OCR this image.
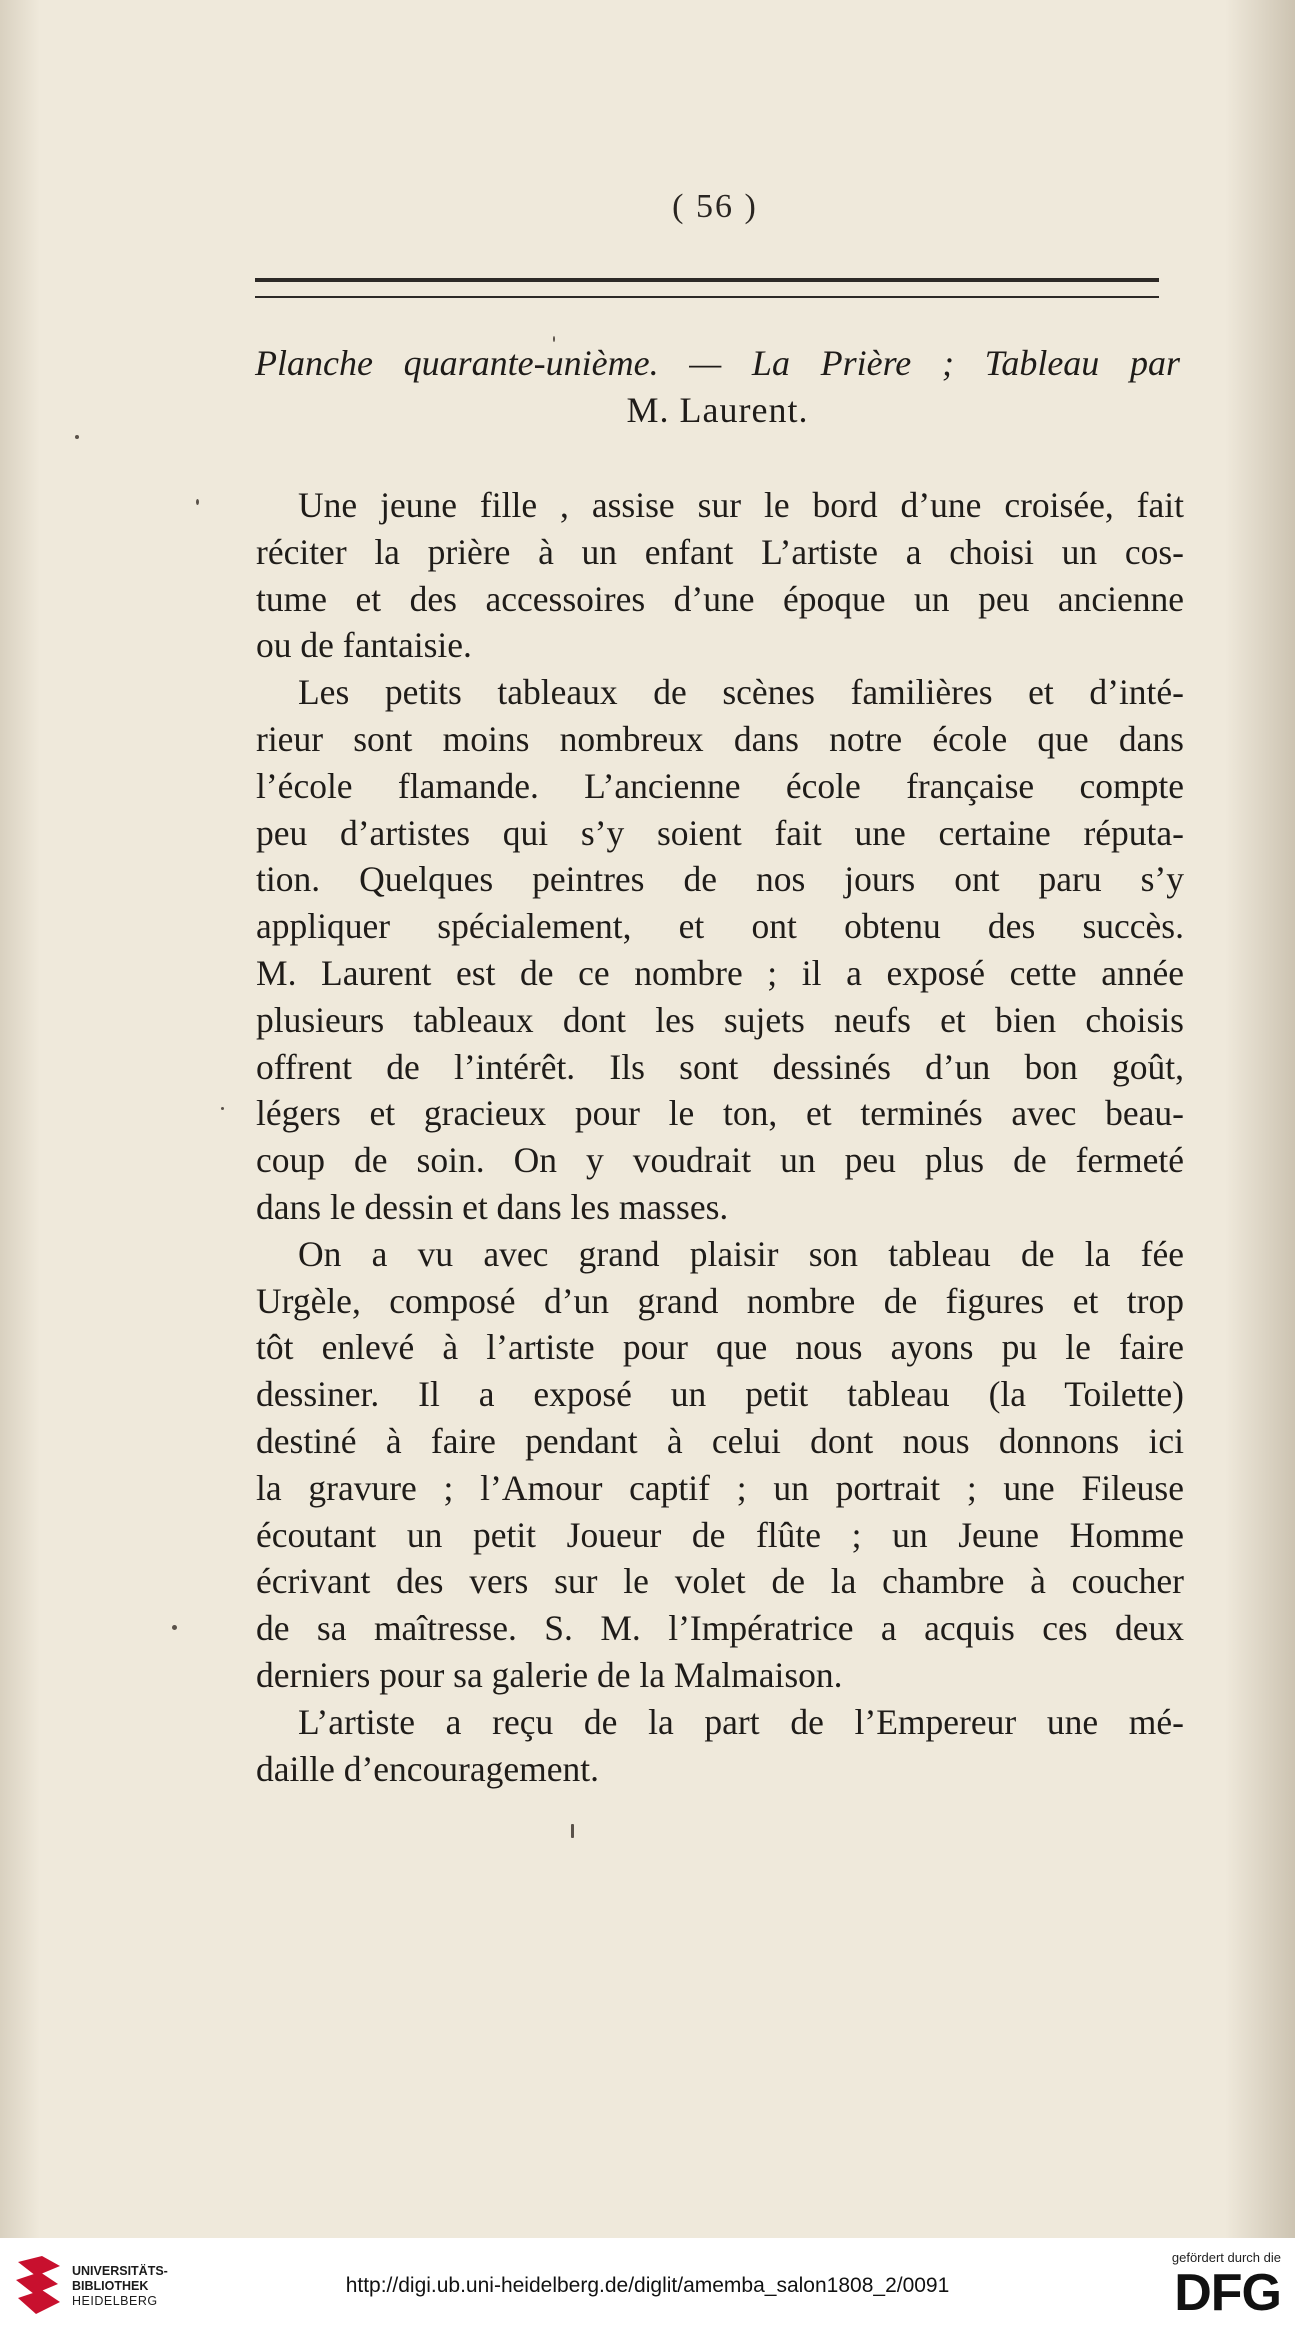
( 56 )
Planche quarante-unième. — La Prière ; Tableau par
M. Laurent.
Une jeune fille , assise sur le bord d’une croisée, fait
réciter la prière à un enfant L’artiste a choisi un cos-
tume et des accessoires d’une époque un peu ancienne
ou de fantaisie.
Les petits tableaux de scènes familières et d’inté-
rieur sont moins nombreux dans notre école que dans
l’école flamande. L’ancienne école française compte
peu d’artistes qui s’y soient fait une certaine réputa-
tion. Quelques peintres de nos jours ont paru s’y
appliquer spécialement, et ont obtenu des succès.
M. Laurent est de ce nombre ; il a exposé cette année
plusieurs tableaux dont les sujets neufs et bien choisis
offrent de l’intérêt. Ils sont dessinés d’un bon goût,
légers et gracieux pour le ton, et terminés avec beau-
coup de soin. On y voudrait un peu plus de fermeté
dans le dessin et dans les masses.
On a vu avec grand plaisir son tableau de la fée
Urgèle, composé d’un grand nombre de figures et trop
tôt enlevé à l’artiste pour que nous ayons pu le faire
dessiner. Il a exposé un petit tableau (la Toilette)
destiné à faire pendant à celui dont nous donnons ici
la gravure ; l’Amour captif ; un portrait ; une Fileuse
écoutant un petit Joueur de flûte ; un Jeune Homme
écrivant des vers sur le volet de la chambre à coucher
de sa maîtresse. S. M. l’Impératrice a acquis ces deux
derniers pour sa galerie de la Malmaison.
L’artiste a reçu de la part de l’Empereur une mé-
daille d’encouragement.
UNIVERSITÄTS-
BIBLIOTHEK
HEIDELBERG
http://digi.ub.uni-heidelberg.de/diglit/amemba_salon1808_2/0091
gefördert durch die
DFG
